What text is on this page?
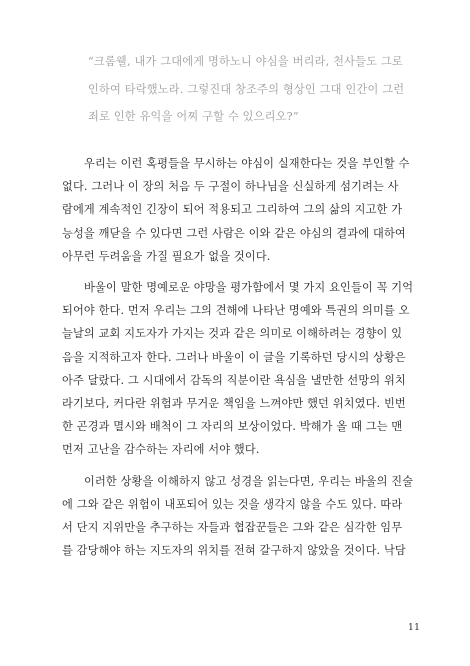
“크롬웰, 내가 그대에게 명하노니 야심을 버리라, 천사들도 그로
인하여 타락했노라. 그렇진대 창조주의 형상인 그대 인간이 그런
죄로 인한 유익을 어찌 구할 수 있으리오?”
우리는 이런 혹평들을 무시하는 야심이 실재한다는 것을 부인할 수
없다. 그러나 이 장의 처음 두 구절이 하나님을 신실하게 섬기려는 사
람에게 계속적인 긴장이 되어 적용되고 그리하여 그의 삶의 지고한 가
능성을 깨닫을 수 있다면 그런 사람은 이와 같은 야심의 결과에 대하여
아무런 두려움을 가질 필요가 없을 것이다.
바울이 말한 명예로운 야망을 평가함에서 몇 가지 요인들이 꼭 기억
되어야 한다. 먼저 우리는 그의 견해에 나타난 명예와 특권의 의미를 오
늘날의 교회 지도자가 가지는 것과 같은 의미로 이해하려는 경향이 있
음을 지적하고자 한다. 그러나 바울이 이 글을 기록하던 당시의 상황은
아주 달랐다. 그 시대에서 감독의 직분이란 욕심을 낼만한 선망의 위치
라기보다, 커다란 위험과 무거운 책임을 느껴야만 했던 위치였다. 빈번
한 곤경과 멸시와 배척이 그 자리의 보상이었다. 박해가 올 때 그는 맨
먼저 고난을 감수하는 자리에 서야 했다.
이러한 상황을 이해하지 않고 성경을 읽는다면, 우리는 바울의 진술
에 그와 같은 위험이 내포되어 있는 것을 생각지 않을 수도 있다. 따라
서 단지 지위만을 추구하는 자들과 협잡꾼들은 그와 같은 심각한 임무
를 감당해야 하는 지도자의 위치를 전혀 갈구하지 않았을 것이다. 낙담
11
